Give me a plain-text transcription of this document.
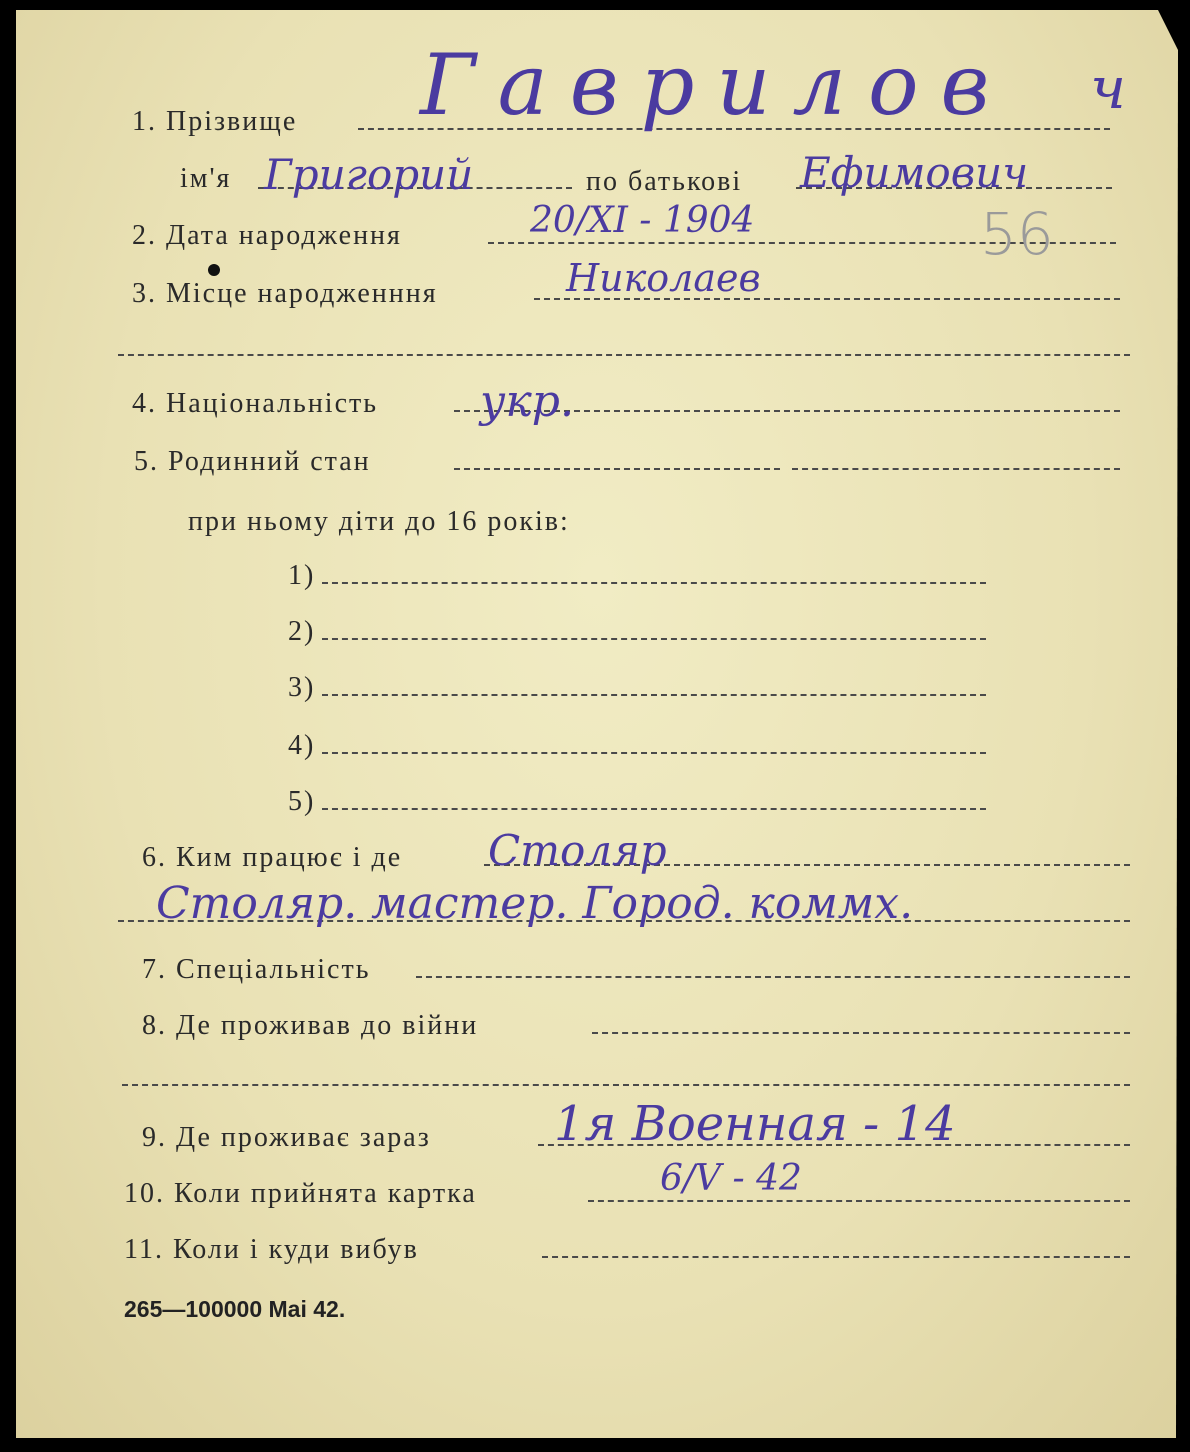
1. Прізвище Гаврилов ч
ім'я Григорий	по батькові Ефимович
2. Дата народження	20/XI - 1904	56
3. Місце народженння	Николаев
4. Національність укр.
5. Родинний стан
при ньому діти до 16 років:
1)
2)
3)
4)
5)
6. Ким працює і де Столяр
Столяр. мастер. Город. коммх.
7. Спеціальність
8. Де проживав до війни
9. Де проживає зараз	1я Военная - 14
10. Коли прийнята картка	6/V - 42
11. Коли і куди вибув
265—100000 Mai 42.
